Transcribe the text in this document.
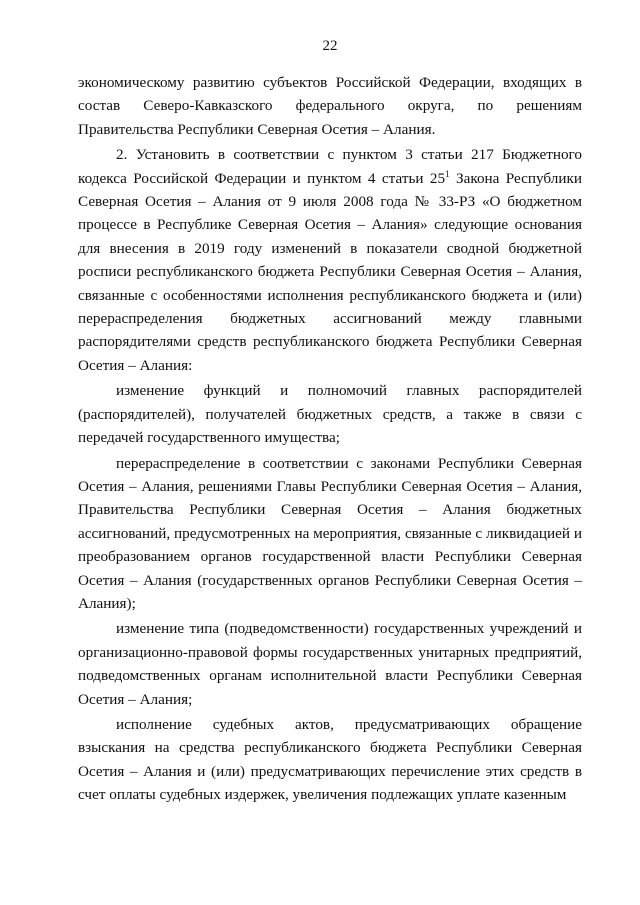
22

экономическому развитию субъектов Российской Федерации, входящих в состав Северо-Кавказского федерального округа, по решениям Правительства Республики Северная Осетия – Алания.

2. Установить в соответствии с пунктом 3 статьи 217 Бюджетного кодекса Российской Федерации и пунктом 4 статьи $25^1$ Закона Республики Северная Осетия – Алания от 9 июля 2008 года № 33-РЗ «О бюджетном процессе в Республике Северная Осетия – Алания» следующие основания для внесения в 2019 году изменений в показатели сводной бюджетной росписи республиканского бюджета Республики Северная Осетия – Алания, связанные с особенностями исполнения республиканского бюджета и (или) перераспределения бюджетных ассигнований между главными распорядителями средств республиканского бюджета Республики Северная Осетия – Алания:

изменение функций и полномочий главных распорядителей (распорядителей), получателей бюджетных средств, а также в связи с передачей государственного имущества;

перераспределение в соответствии с законами Республики Северная Осетия – Алания, решениями Главы Республики Северная Осетия – Алания, Правительства Республики Северная Осетия – Алания бюджетных ассигнований, предусмотренных на мероприятия, связанные с ликвидацией и преобразованием органов государственной власти Республики Северная Осетия – Алания (государственных органов Республики Северная Осетия – Алания);

изменение типа (подведомственности) государственных учреждений и организационно-правовой формы государственных унитарных предприятий, подведомственных органам исполнительной власти Республики Северная Осетия – Алания;

исполнение судебных актов, предусматривающих обращение взыскания на средства республиканского бюджета Республики Северная Осетия – Алания и (или) предусматривающих перечисление этих средств в счет оплаты судебных издержек, увеличения подлежащих уплате казенным
